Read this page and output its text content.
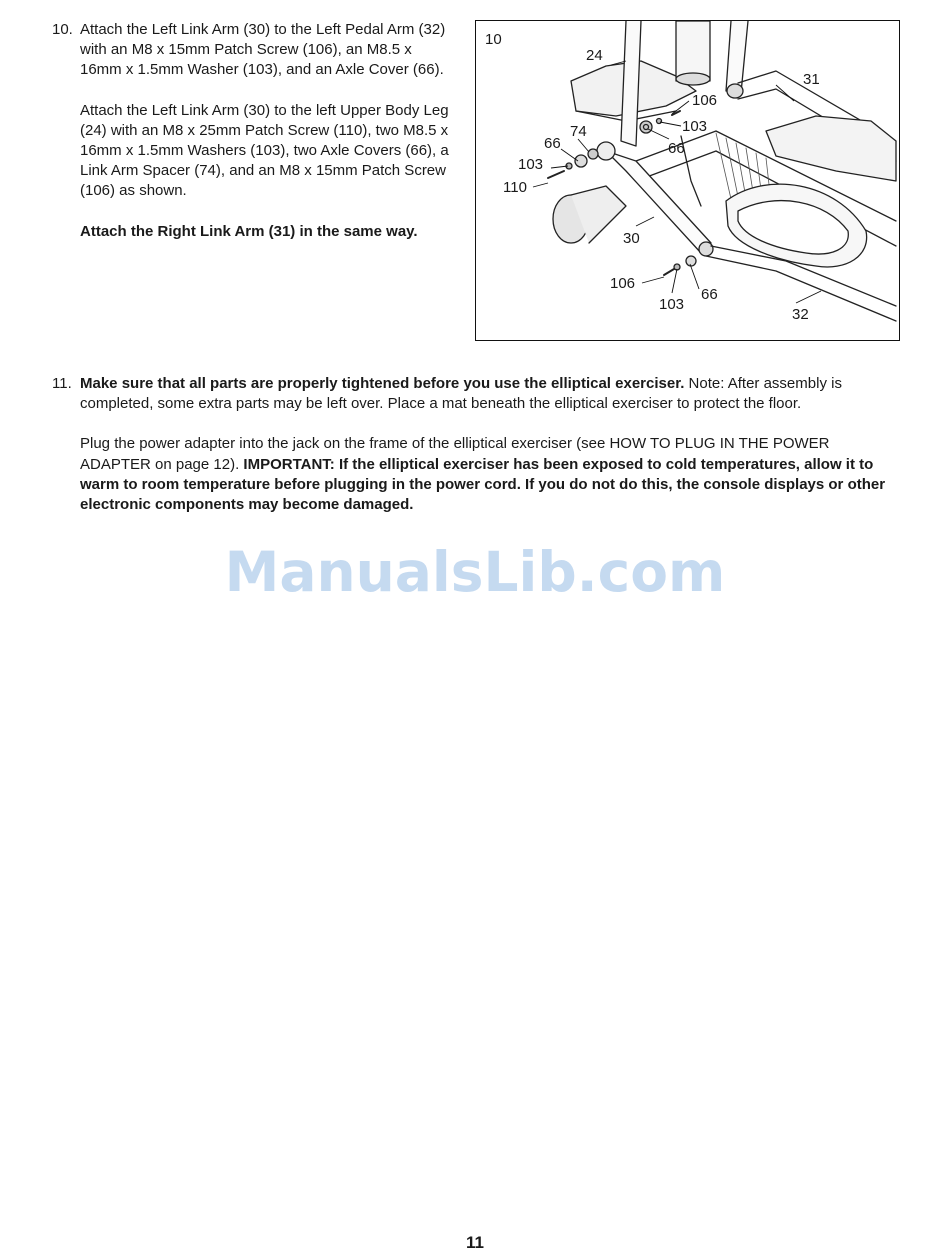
10. Attach the Left Link Arm (30) to the Left Pedal Arm (32) with an M8 x 15mm Patch Screw (106), an M8.5 x 16mm x 1.5mm Washer (103), and an Axle Cover (66).

Attach the Left Link Arm (30) to the left Upper Body Leg (24) with an M8 x 25mm Patch Screw (110), two M8.5 x 16mm x 1.5mm Washers (103), two Axle Covers (66), a Link Arm Spacer (74), and an M8 x 15mm Patch Screw (106) as shown.

Attach the Right Link Arm (31) in the same way.

10
24
31
106
103
66
74
66
103
110
30
106
103
66
32
11. Make sure that all parts are properly tightened before you use the elliptical exerciser. Note: After assembly is completed, some extra parts may be left over. Place a mat beneath the elliptical exerciser to protect the floor.

Plug the power adapter into the jack on the frame of the elliptical exerciser (see HOW TO PLUG IN THE POWER ADAPTER on page 12). IMPORTANT: If the elliptical exerciser has been exposed to cold temperatures, allow it to warm to room temperature before plugging in the power cord. If you do not do this, the console displays or other electronic components may become damaged.

ManualsLib.com
11
